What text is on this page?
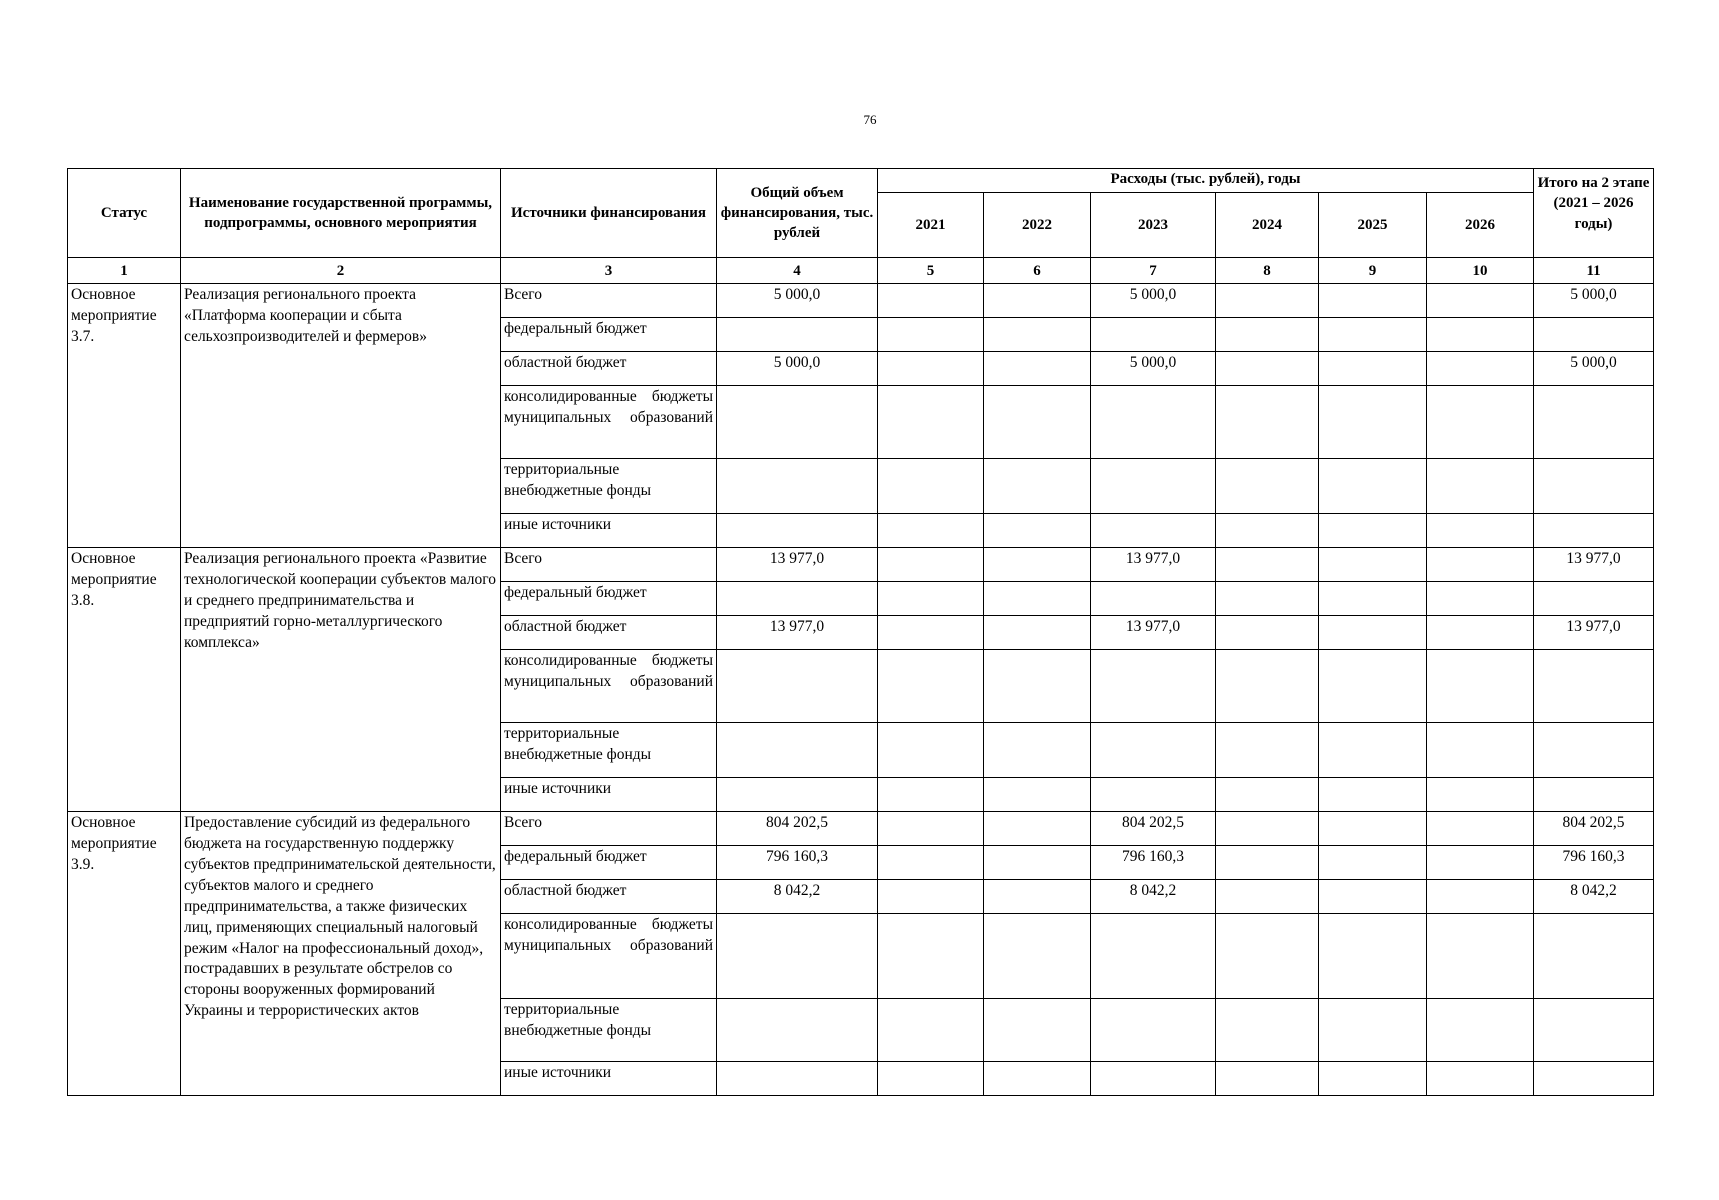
76
Статус	Наименование государственной программы, подпрограммы, основного мероприятия	Источники финансирования	Общий объем финансирования, тыс. рублей	Расходы (тыс. рублей), годы						Итого на 2 этапе (2021 – 2026 годы)
				2021	2022	2023	2024	2025	2026	
1	2	3	4	5	6	7	8	9	10	11
Основное мероприятие 3.7.	Реализация регионального проекта «Платформа кооперации и сбыта сельхозпроизводителей и фермеров»	Всего	5 000,0			5 000,0				5 000,0
		федеральный бюджет								
		областной бюджет	5 000,0			5 000,0				5 000,0

		консолидированные бюджеты муниципальных образований								

		территориальные внебюджетные фонды								
		иные источники								
Основное мероприятие 3.8.	Реализация регионального проекта «Развитие технологической кооперации субъектов малого и среднего предпринимательства и предприятий горно-металлургического комплекса»	Всего	13 977,0			13 977,0				13 977,0
		федеральный бюджет								
		областной бюджет	13 977,0			13 977,0				13 977,0

		консолидированные бюджеты муниципальных образований								

		территориальные внебюджетные фонды								
		иные источники								
Основное мероприятие 3.9.	Предоставление субсидий из федерального бюджета на государственную поддержку субъектов предпринимательской деятельности, субъектов малого и среднего предпринимательства, а также физических лиц, применяющих специальный налоговый режим «Налог на профессиональный доход», пострадавших в результате обстрелов со стороны вооруженных формирований Украины и террористических актов	Всего	804 202,5			804 202,5				804 202,5
		федеральный бюджет	796 160,3			796 160,3				796 160,3
		областной бюджет	8 042,2			8 042,2				8 042,2

		консолидированные бюджеты муниципальных образований								

		территориальные внебюджетные фонды								
		иные источники								
